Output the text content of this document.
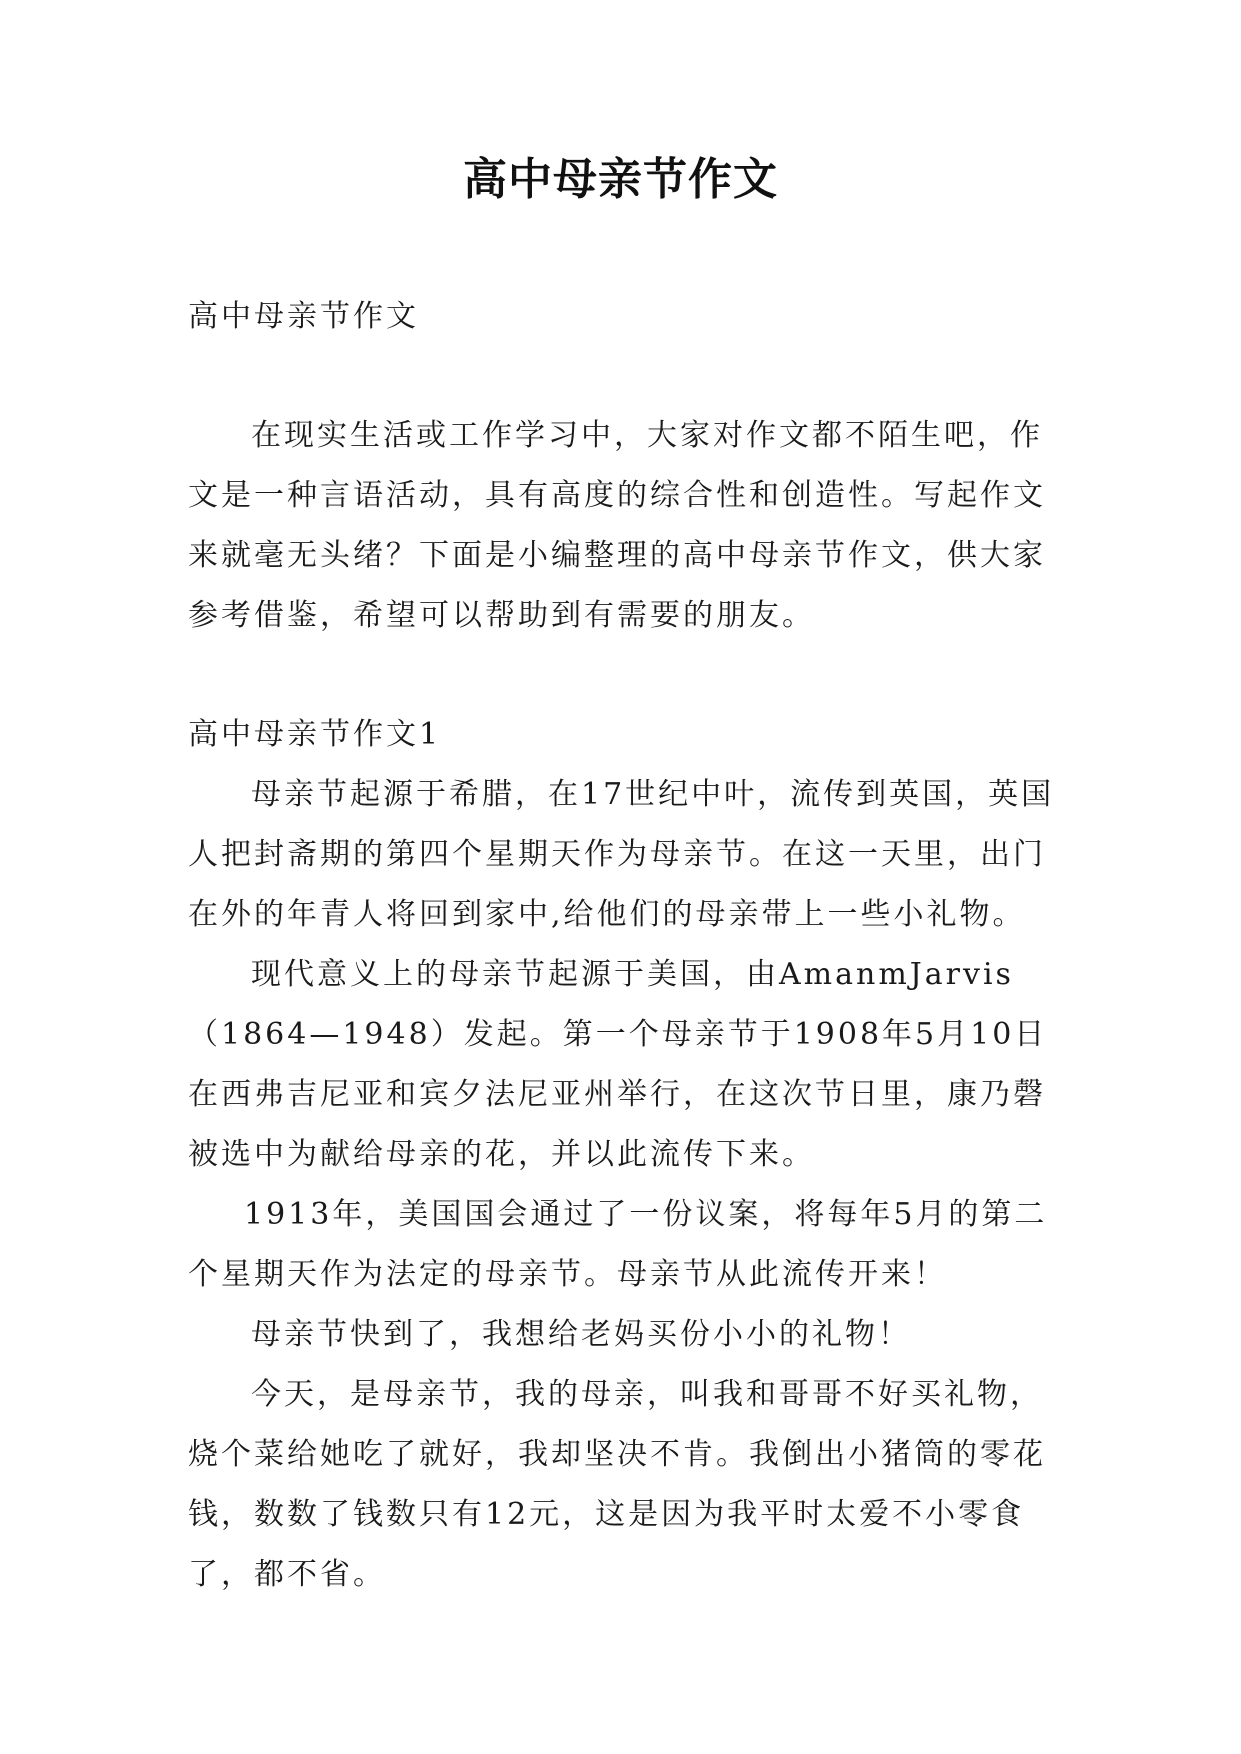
高中母亲节作文

高中母亲节作文

在现实生活或工作学习中，大家对作文都不陌生吧，作文是一种言语活动，具有高度的综合性和创造性。写起作文来就毫无头绪？下面是小编整理的高中母亲节作文，供大家参考借鉴，希望可以帮助到有需要的朋友。

高中母亲节作文1

母亲节起源于希腊，在17世纪中叶，流传到英国，英国人把封斋期的第四个星期天作为母亲节。在这一天里，出门在外的年青人将回到家中,给他们的母亲带上一些小礼物。

现代意义上的母亲节起源于美国，由AmanmJarvis（1864—1948）发起。第一个母亲节于1908年5月10日在西弗吉尼亚和宾夕法尼亚州举行，在这次节日里，康乃磬被选中为献给母亲的花，并以此流传下来。

1913年，美国国会通过了一份议案，将每年5月的第二个星期天作为法定的母亲节。母亲节从此流传开来！

母亲节快到了，我想给老妈买份小小的礼物！

今天，是母亲节，我的母亲，叫我和哥哥不好买礼物，烧个菜给她吃了就好，我却坚决不肯。我倒出小猪筒的零花钱，数数了钱数只有12元，这是因为我平时太爱不小零食了，都不省。
